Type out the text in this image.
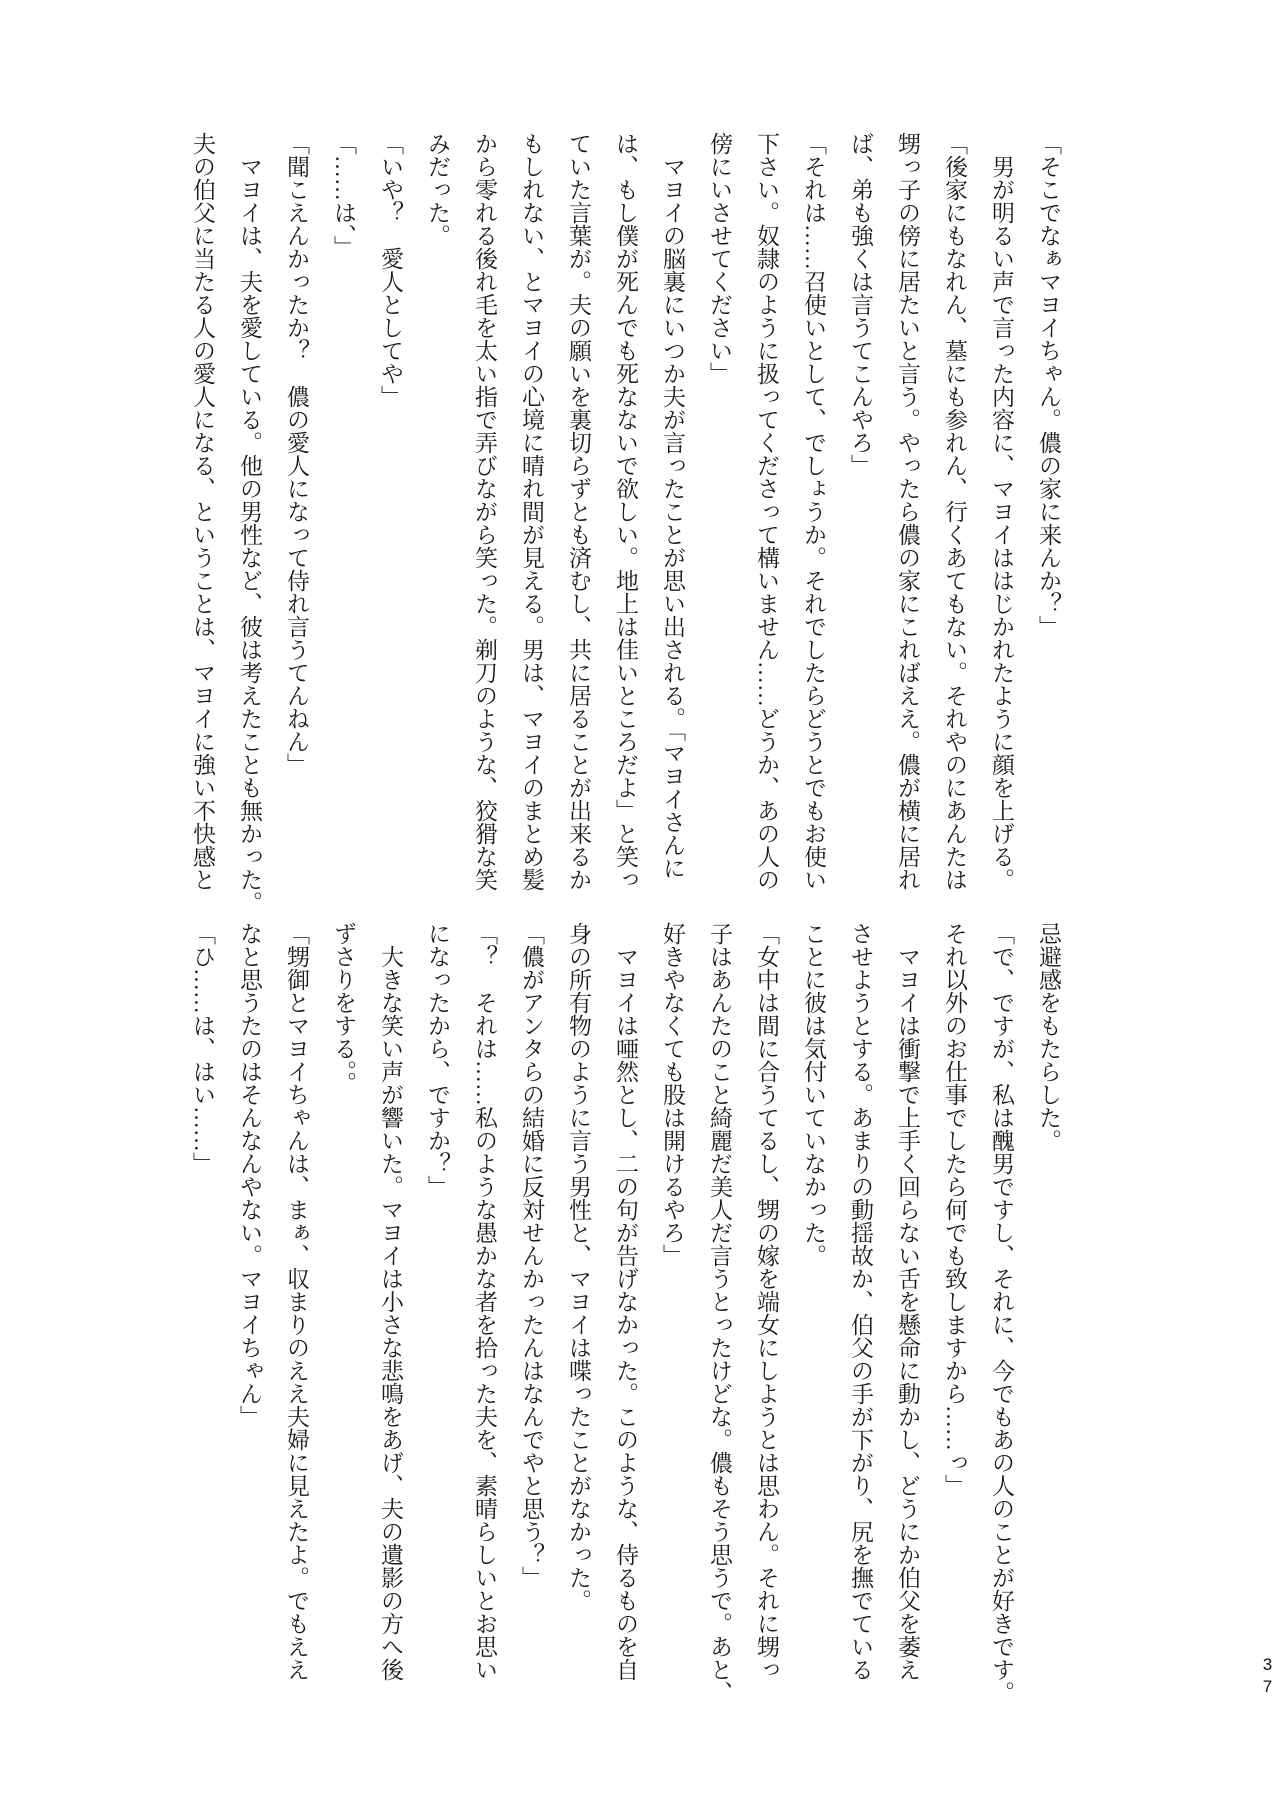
「そこでなぁマヨイちゃん。儂の家に来んか？」

　男が明るい声で言った内容に、マヨイははじかれたように顔を上げる。

「後家にもなれん、墓にも参れん、行くあてもない。それやのにあんたは

甥っ子の傍に居たいと言う。やったら儂の家にこればええ。儂が横に居れ

ば、弟も強くは言うてこんやろ」

「それは……召使いとして、でしょうか。それでしたらどうとでもお使い

下さい。奴隷のように扱ってくださって構いません……どうか、あの人の

傍にいさせてください」

　マヨイの脳裏にいつか夫が言ったことが思い出される。「マヨイさんに

は、もし僕が死んでも死なないで欲しい。地上は佳いところだよ」と笑っ

ていた言葉が。夫の願いを裏切らずとも済むし、共に居ることが出来るか

もしれない、とマヨイの心境に晴れ間が見える。男は、マヨイのまとめ髪

から零れる後れ毛を太い指で弄びながら笑った。剃刀のような、狡猾な笑

みだった。

「いや？　愛人としてや」

「……は、」

「聞こえんかったか？　儂の愛人になって侍れ言うてんねん」

　マヨイは、夫を愛している。他の男性など、彼は考えたことも無かった。

夫の伯父に当たる人の愛人になる、ということは、マヨイに強い不快感と

忌避感をもたらした。

「で、ですが、私は醜男ですし、それに、今でもあの人のことが好きです。

それ以外のお仕事でしたら何でも致しますから……っ」

　マヨイは衝撃で上手く回らない舌を懸命に動かし、どうにか伯父を萎え

させようとする。あまりの動揺故か、伯父の手が下がり、尻を撫でている

ことに彼は気付いていなかった。

「女中は間に合うてるし、甥の嫁を端女にしようとは思わん。それに甥っ

子はあんたのこと綺麗だ美人だ言うとったけどな。儂もそう思うで。あと、

好きやなくても股は開けるやろ」

　マヨイは唖然とし、二の句が告げなかった。このような、侍るものを自

身の所有物のように言う男性と、マヨイは喋ったことがなかった。

「儂がアンタらの結婚に反対せんかったんはなんでやと思う？」

「？　それは……私のような愚かな者を拾った夫を、素晴らしいとお思い

になったから、ですか？」

　大きな笑い声が響いた。マヨイは小さな悲鳴をあげ、夫の遺影の方へ後

ずさりをする。。

「甥御とマヨイちゃんは、まぁ、収まりのええ夫婦に見えたよ。でもええ

なと思うたのはそんなんやない。マヨイちゃん」

「ひ……は、はい……」

37
